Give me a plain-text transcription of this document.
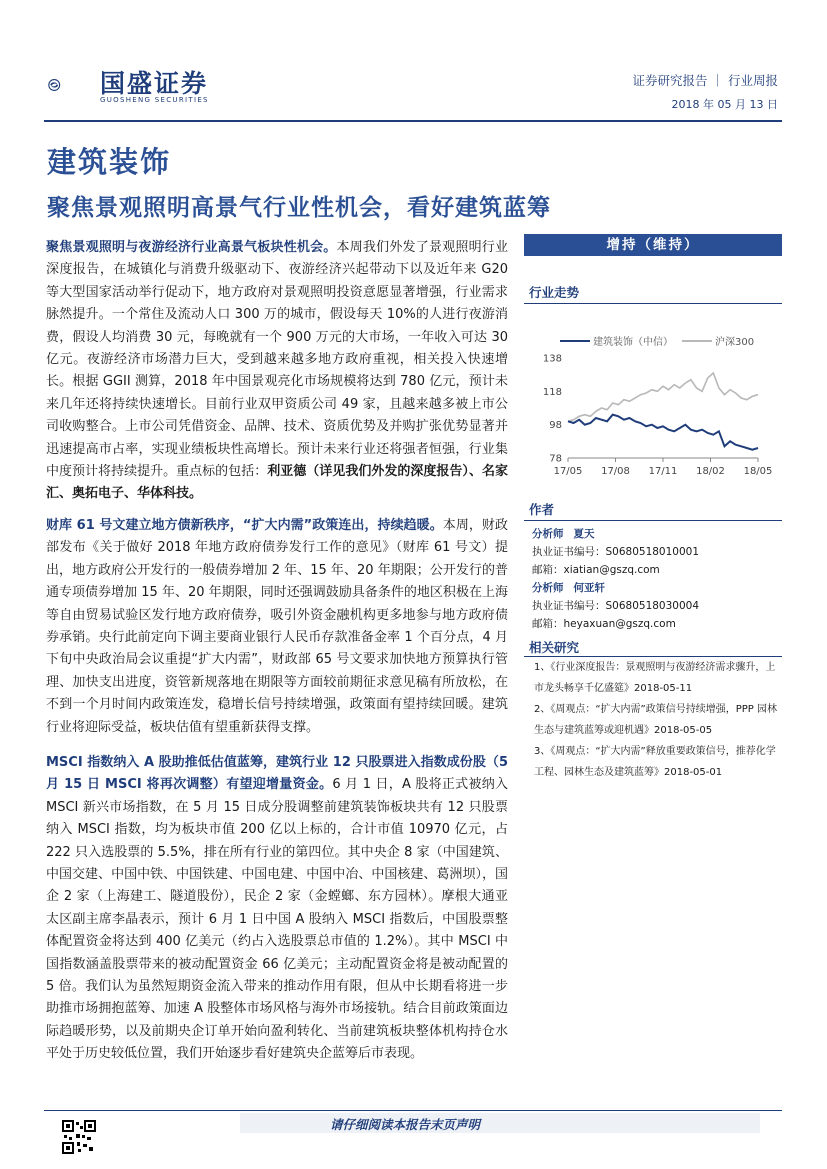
国盛证券
GUOSHENG SECURITIES
证券研究报告 ｜ 行业周报
2018 年 05 月 13 日
建筑装饰
聚焦景观照明高景气行业性机会，看好建筑蓝筹

聚焦景观照明与夜游经济行业高景气板块性机会。本周我们外发了景观照明行业深度报告，在城镇化与消费升级驱动下、夜游经济兴起带动下以及近年来 G20 等大型国家活动举行促动下，地方政府对景观照明投资意愿显著增强，行业需求脉然提升。一个常住及流动人口 300 万的城市，假设每天 10%的人进行夜游消费，假设人均消费 30 元，每晚就有一个 900 万元的大市场，一年收入可达 30 亿元。夜游经济市场潜力巨大，受到越来越多地方政府重视，相关投入快速增长。根据 GGII 测算，2018 年中国景观亮化市场规模将达到 780 亿元，预计未来几年还将持续快速增长。目前行业双甲资质公司 49 家，且越来越多被上市公司收购整合。上市公司凭借资金、品牌、技术、资质优势及并购扩张优势显著并迅速提高市占率，实现业绩板块性高增长。预计未来行业还将强者恒强，行业集中度预计将持续提升。重点标的包括：利亚德（详见我们外发的深度报告）、名家汇、奥拓电子、华体科技。

财库 61 号文建立地方债新秩序，“扩大内需”政策连出，持续趋暖。本周，财政部发布《关于做好 2018 年地方政府债券发行工作的意见》（财库 61 号文）提出，地方政府公开发行的一般债券增加 2 年、15 年、20 年期限；公开发行的普通专项债券增加 15 年、20 年期限，同时还强调鼓励具备条件的地区积极在上海等自由贸易试验区发行地方政府债券，吸引外资金融机构更多地参与地方政府债券承销。央行此前定向下调主要商业银行人民币存款准备金率 1 个百分点，4 月下旬中央政治局会议重提“扩大内需”，财政部 65 号文要求加快地方预算执行管理、加快支出进度，资管新规落地在期限等方面较前期征求意见稿有所放松，在不到一个月时间内政策连发，稳增长信号持续增强，政策面有望持续回暖。建筑行业将迎际受益，板块估值有望重新获得支撑。

MSCI 指数纳入 A 股助推低估值蓝筹，建筑行业 12 只股票进入指数成份股（5 月 15 日 MSCI 将再次调整）有望迎增量资金。6 月 1 日，A 股将正式被纳入 MSCI 新兴市场指数，在 5 月 15 日成分股调整前建筑装饰板块共有 12 只股票纳入 MSCI 指数，均为板块市值 200 亿以上标的，合计市值 10970 亿元，占 222 只入选股票的 5.5%，排在所有行业的第四位。其中央企 8 家（中国建筑、中国交建、中国中铁、中国铁建、中国电建、中国中冶、中国核建、葛洲坝），国企 2 家（上海建工、隧道股份），民企 2 家（金螳螂、东方园林）。摩根大通亚太区副主席李晶表示，预计 6 月 1 日中国 A 股纳入 MSCI 指数后，中国股票整体配置资金将达到 400 亿美元（约占入选股票总市值的 1.2%）。其中 MSCI 中国指数涵盖股票带来的被动配置资金 66 亿美元；主动配置资金将是被动配置的 5 倍。我们认为虽然短期资金流入带来的推动作用有限，但从中长期看将进一步助推市场拥抱蓝筹、加速 A 股整体市场风格与海外市场接轨。结合目前政策面边际趋暖形势，以及前期央企订单开始向盈利转化、当前建筑板块整体机构持仓水平处于历史较低位置，我们开始逐步看好建筑央企蓝筹后市表现。

增持（维持）
行业走势
建筑装饰（中信）	沪深300
78
98
118
138
17/05 17/08 17/11 18/02 18/05
作者
分析师 夏天
执业证书编号：S0680518010001
邮箱：xiatian@gszq.com
分析师 何亚轩
执业证书编号：S0680518030004
邮箱：heyaxuan@gszq.com
相关研究
1、《行业深度报告：景观照明与夜游经济需求骤升，上市龙头畅享千亿盛筵》2018-05-11
2、《周观点：“扩大内需”政策信号持续增强，PPP 园林生态与建筑蓝筹或迎机遇》2018-05-05
3、《周观点：“扩大内需”释放重要政策信号，推荐化学工程、园林生态及建筑蓝筹》2018-05-01
请仔细阅读本报告末页声明
